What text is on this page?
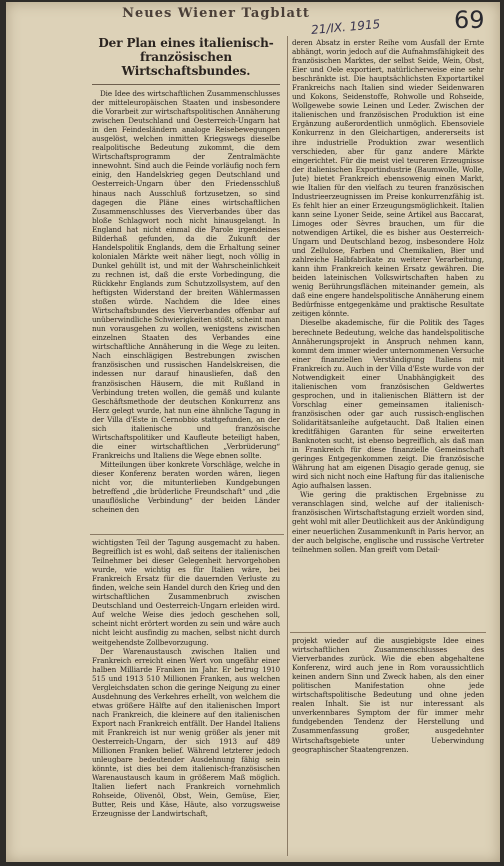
Neues Wiener Tagblatt
21/IX. 1915	69
Der Plan eines italienisch-französischen Wirtschaftsbundes.

Die Idee des wirtschaftlichen Zusammenschlusses der mitteleuropäischen Staaten und insbesondere die Vorarbeit zur wirtschaftspolitischen Annäherung zwischen Deutschland und Oesterreich-Ungarn hat in den Feindesländern analoge Reisebewegungen ausgelöst, welchen inmitten Kriegswegs dieselbe realpolitische Bedeutung zukommt, die dem Wirtschaftsprogramm der Zentralmächte innewohnt. Sind auch die Feinde vorläufig noch fern einig, den Handelskrieg gegen Deutschland und Oesterreich-Ungarn über den Friedensschluß hinaus nach Ausschluß fortzusetzen, so sind dagegen die Pläne eines wirtschaftlichen Zusammenschlusses des Vierverbandes über das bloße Schlagwort noch nicht hinausgelangt. In England hat nicht einmal die Parole irgendeines Bilderhaß gefunden, da die Zukunft der Handelspolitik Englands, dem die Erhaltung seiner kolonialen Märkte weit näher liegt, noch völlig in Dunkel gehüllt ist, und mit der Wahrscheinlichkeit zu rechnen ist, daß die erste Vorbedingung, die Rückkehr Englands zum Schutzzollsystem, auf den heftigsten Widerstand der breiten Wählermassen stoßen würde. Nachdem die Idee eines Wirtschaftsbundes des Vierverbandes offenbar auf unüberwindliche Schwierigkeiten stößt, scheint man nun vorausgehen zu wollen, wenigstens zwischen einzelnen Staaten des Verbandes eine wirtschaftliche Annäherung in die Wege zu leiten. Nach einschlägigen Bestrebungen zwischen französischen und russischen Handelskreisen, die indessen nur darauf hinausliefen, daß den französischen Häusern, die mit Rußland in Verbindung treten wollen, die gemäß und kulante Geschäftsmethode der deutschen Konkurrenz ans Herz gelegt wurde, hat nun eine ähnliche Tagung in der Villa d'Este in Cernobbio stattgefunden, an der sich italienische und französische Wirtschaftspolitiker und Kaufleute beteiligt haben, die einer wirtschaftlichen „Verbrüderung“ Frankreichs und Italiens die Wege ebnen sollte.

Mitteilungen über konkrete Vorschläge, welche in dieser Konferenz beraten worden wären, liegen nicht vor, die mitunterlieben Kundgebungen betreffend „die brüderliche Freundschaft“ und „die unauflösliche Verbindung“ der beiden Länder scheinen den

wichtigsten Teil der Tagung ausgemacht zu haben. Begreiflich ist es wohl, daß seitens der italienischen Teilnehmer bei dieser Gelegenheit hervorgehoben wurde, wie wichtig es für Italien wäre, bei Frankreich Ersatz für die dauernden Verluste zu finden, welche sein Handel durch den Krieg und den wirtschaftlichen Zusammenbruch zwischen Deutschland und Oesterreich-Ungarn erleiden wird. Auf welche Weise dies jedoch geschehen soll, scheint nicht erörtert worden zu sein und wäre auch nicht leicht ausfindig zu machen, selbst nicht durch weitgehendste Zollbevorzugung.

Der Warenaustausch zwischen Italien und Frankreich erreicht einen Wert von ungefähr einer halben Milliarde Franken im Jahr. Er betrug 1910 515 und 1913 510 Millionen Franken, aus welchen Vergleichsdaten schon die geringe Neigung zu einer Ausdehnung des Verkehres erhellt, von welchem die etwas größere Hälfte auf den italienischen Import nach Frankreich, die kleinere auf den italienischen Export nach Frankreich entfällt. Der Handel Italiens mit Frankreich ist nur wenig größer als jener mit Oesterreich-Ungarn, der sich 1913 auf 489 Millionen Franken belief. Während letzterer jedoch unleugbare bedeutender Ausdehnung fähig sein könnte, ist dies bei dem italienisch-französischen Warenaustausch kaum in größerem Maß möglich. Italien liefert nach Frankreich vornehmlich Rohseide, Olivenöl, Obst, Wein, Gemüse, Eier, Butter, Reis und Käse, Häute, also vorzugsweise Erzeugnisse der Landwirtschaft,

deren Absatz in erster Reihe vom Ausfall der Ernte abhängt, worin jedoch auf die Aufnahmsfähigkeit des französischen Marktes, der selbst Seide, Wein, Obst, Eier und Oele exportiert, natürlicherweise eine sehr beschränkte ist. Die hauptsächlichsten Exportartikel Frankreichs nach Italien sind wieder Seidenwaren und Kokons, Seidenstoffe, Rohwolle und Rohseide, Wollgewebe sowie Leinen und Leder. Zwischen der italienischen und französischen Produktion ist eine Ergänzung außerordentlich unmöglich. Ebensoviele Konkurrenz in den Gleichartigen, andererseits ist ihre industrielle Produktion zwar wesentlich verschieden, aber für ganz andere Märkte eingerichtet. Für die meist viel teureren Erzeugnisse der italienischen Exportindustrie (Baumwolle, Wolle, Jute) bietet Frankreich ebensowenig einen Markt, wie Italien für den vielfach zu teuren französischen Industrieerzeugnissen im Preise konkurrenzfähig ist. Es fehlt hier an einer Erzeugungsmöglichkeit. Italien kann seine Lyoner Seide, seine Artikel aus Baccarat, Limoges oder Sèvres brauchen, um für die notwendigen Artikel, die es bisher aus Oesterreich-Ungarn und Deutschland bezog, insbesondere Holz und Zellulose, Farben und Chemikalien, Bier und zahlreiche Halbfabrikate zu weiterer Verarbeitung, kann ihm Frankreich keinen Ersatz gewähren. Die beiden lateinischen Volkswirtschaften haben zu wenig Berührungsflächen miteinander gemein, als daß eine engere handelspolitische Annäherung einem Bedürfnisse entgegenkäme und praktische Resultate zeitigen könnte.

Dieselbe akademische, für die Politik des Tages berechnete Bedeutung, welche das handelspolitische Annäherungsprojekt in Anspruch nehmen kann, kommt dem immer wieder unternommenen Versuche einer finanziellen Verständigung Italiens mit Frankreich zu. Auch in der Villa d'Este wurde von der Notwendigkeit einer Unabhängigkeit des italienischen vom französischen Geldwertes gesprochen, und in italienischen Blättern ist der Vorschlag einer gemeinsamen italienisch-französischen oder gar auch russisch-englischen Solidaritätsanleihe aufgetaucht. Daß Italien einen kreditfähigen Garanten für seine erweiterten Banknoten sucht, ist ebenso begreiflich, als daß man in Frankreich für diese finanzielle Gemeinschaft geringes Entgegenkommen zeigt. Die französische Währung hat am eigenen Disagio gerade genug, sie wird sich nicht noch eine Haftung für das italienische Agio aufhalsen lassen.

Wie gering die praktischen Ergebnisse zu veranschlagen sind, welche auf der italienisch-französischen Wirtschaftstagung erzielt worden sind, geht wohl mit aller Deutlichkeit aus der Ankündigung einer neuerlichen Zusammenkunft in Paris hervor, an der auch belgische, englische und russische Vertreter teilnehmen sollen. Man greift vom Detail-

projekt wieder auf die ausgiebigste Idee eines wirtschaftlichen Zusammenschlusses des Vierverbandes zurück. Wie die eben abgehaltene Konferenz, wird auch jene in Rom voraussichtlich keinen andern Sinn und Zweck haben, als den einer politischen Manifestation ohne jede wirtschaftspolitische Bedeutung und ohne jeden realen Inhalt. Sie ist nur interessant als unverkennbares Symptom der für immer mehr fundgebenden Tendenz der Herstellung und Zusammenfassung großer, ausgedehnter Wirtschaftsgebiete unter Ueberwindung geographischer Staatengrenzen.
